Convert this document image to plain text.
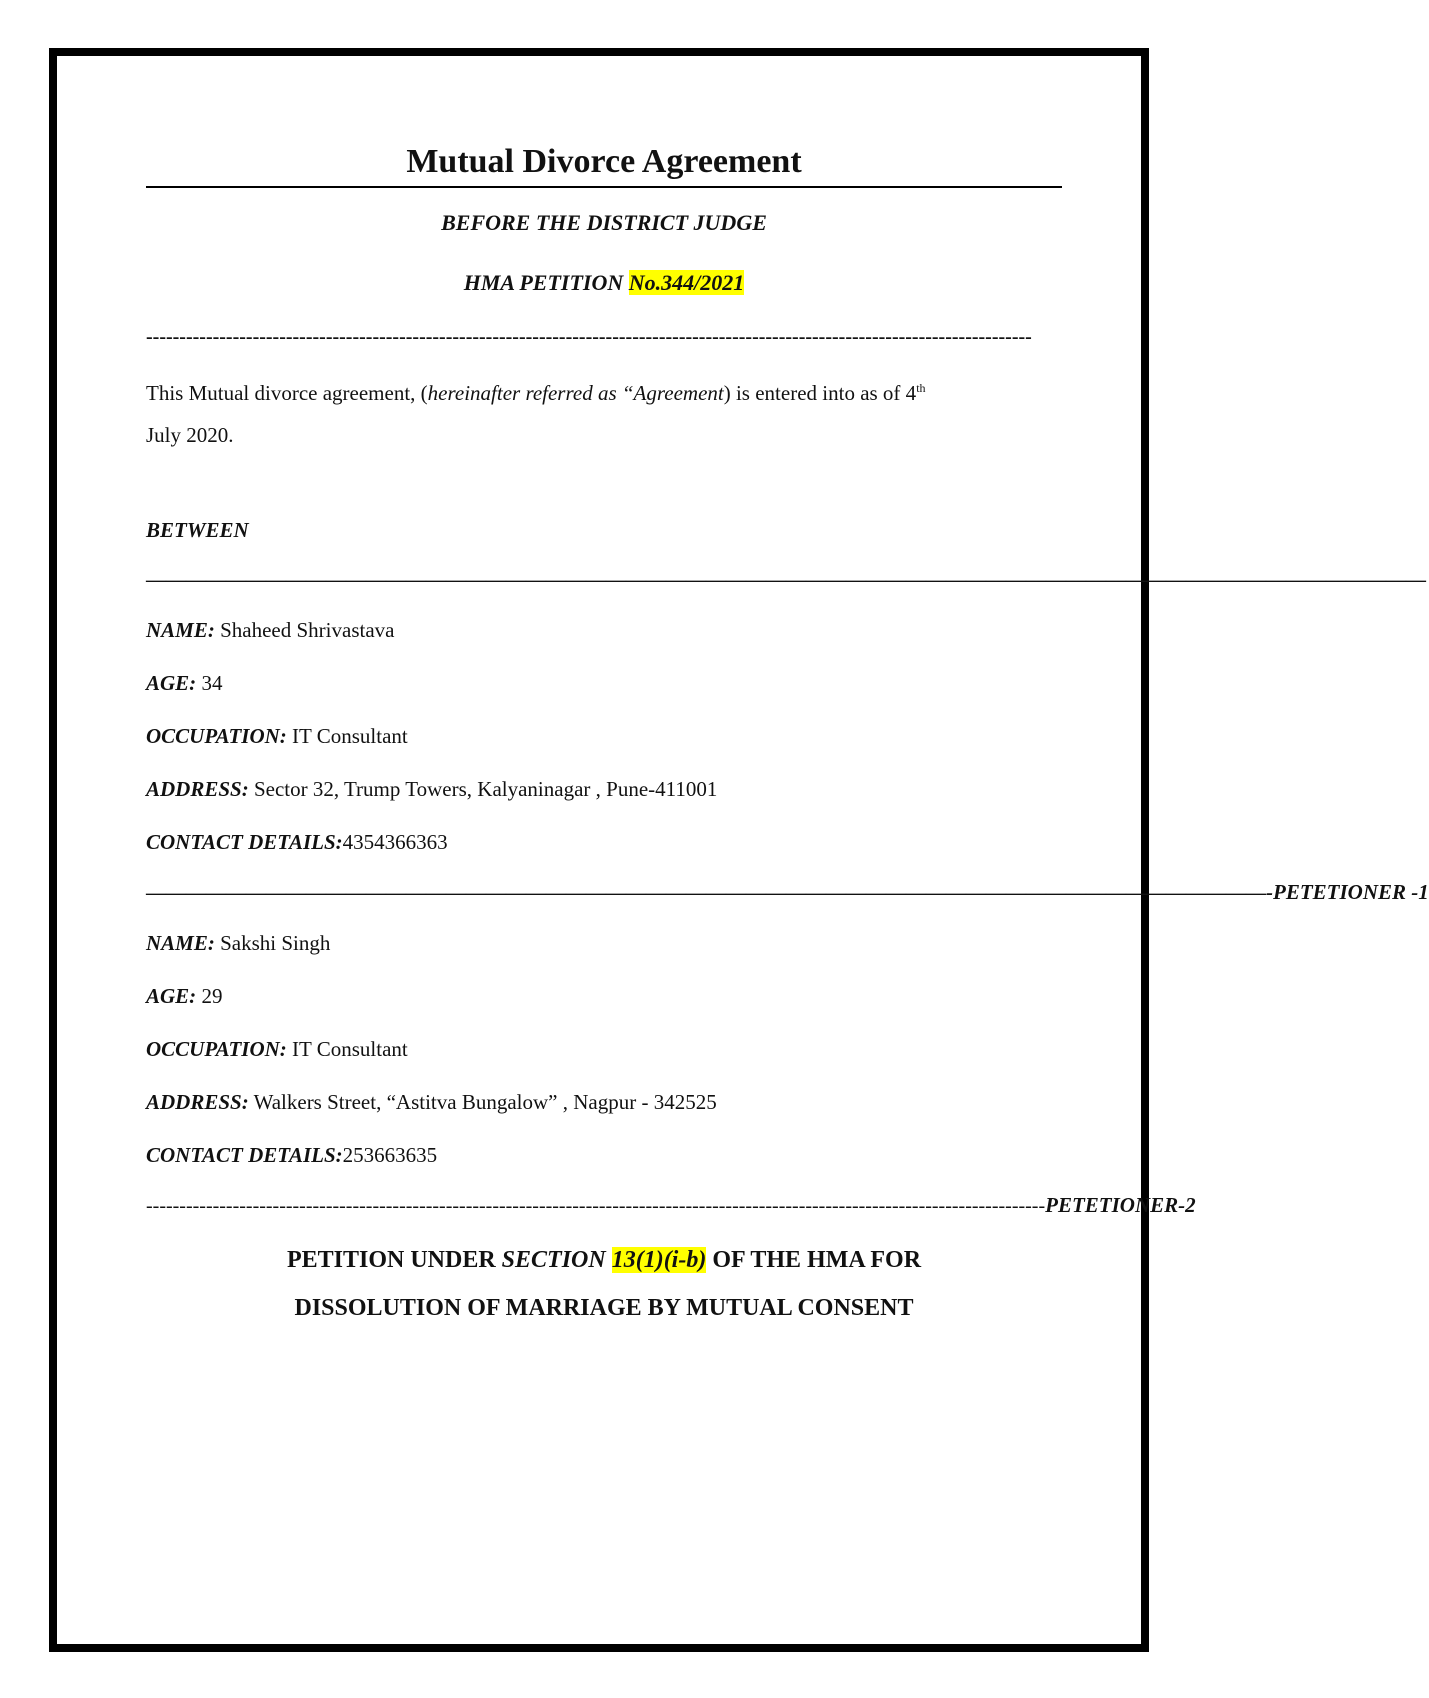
Mutual Divorce Agreement
BEFORE THE DISTRICT JUDGE
HMA PETITION No.344/2021
-------------------------------------------------------------------------------------------------------------------------------------
This Mutual divorce agreement, (hereinafter referred as “Agreement) is entered into as of 4th
July 2020.
BETWEEN
————————————————————————————————————————————————————————————————
NAME: Shaheed Shrivastava
AGE: 34
OCCUPATION: IT Consultant
ADDRESS: Sector 32, Trump Towers, Kalyaninagar , Pune-411001
CONTACT DETAILS:4354366363
———————————————————————————————————————————————————————— -PETETIONER -1
NAME: Sakshi Singh
AGE: 29
OCCUPATION: IT Consultant
ADDRESS: Walkers Street, “Astitva Bungalow” , Nagpur - 342525
CONTACT DETAILS:253663635
--------------------------------------------------------------------------------------------------------------------------------------- PETETIONER-2
PETITION UNDER SECTION 13(1)(i-b) OF THE HMA FOR
DISSOLUTION OF MARRIAGE BY MUTUAL CONSENT
